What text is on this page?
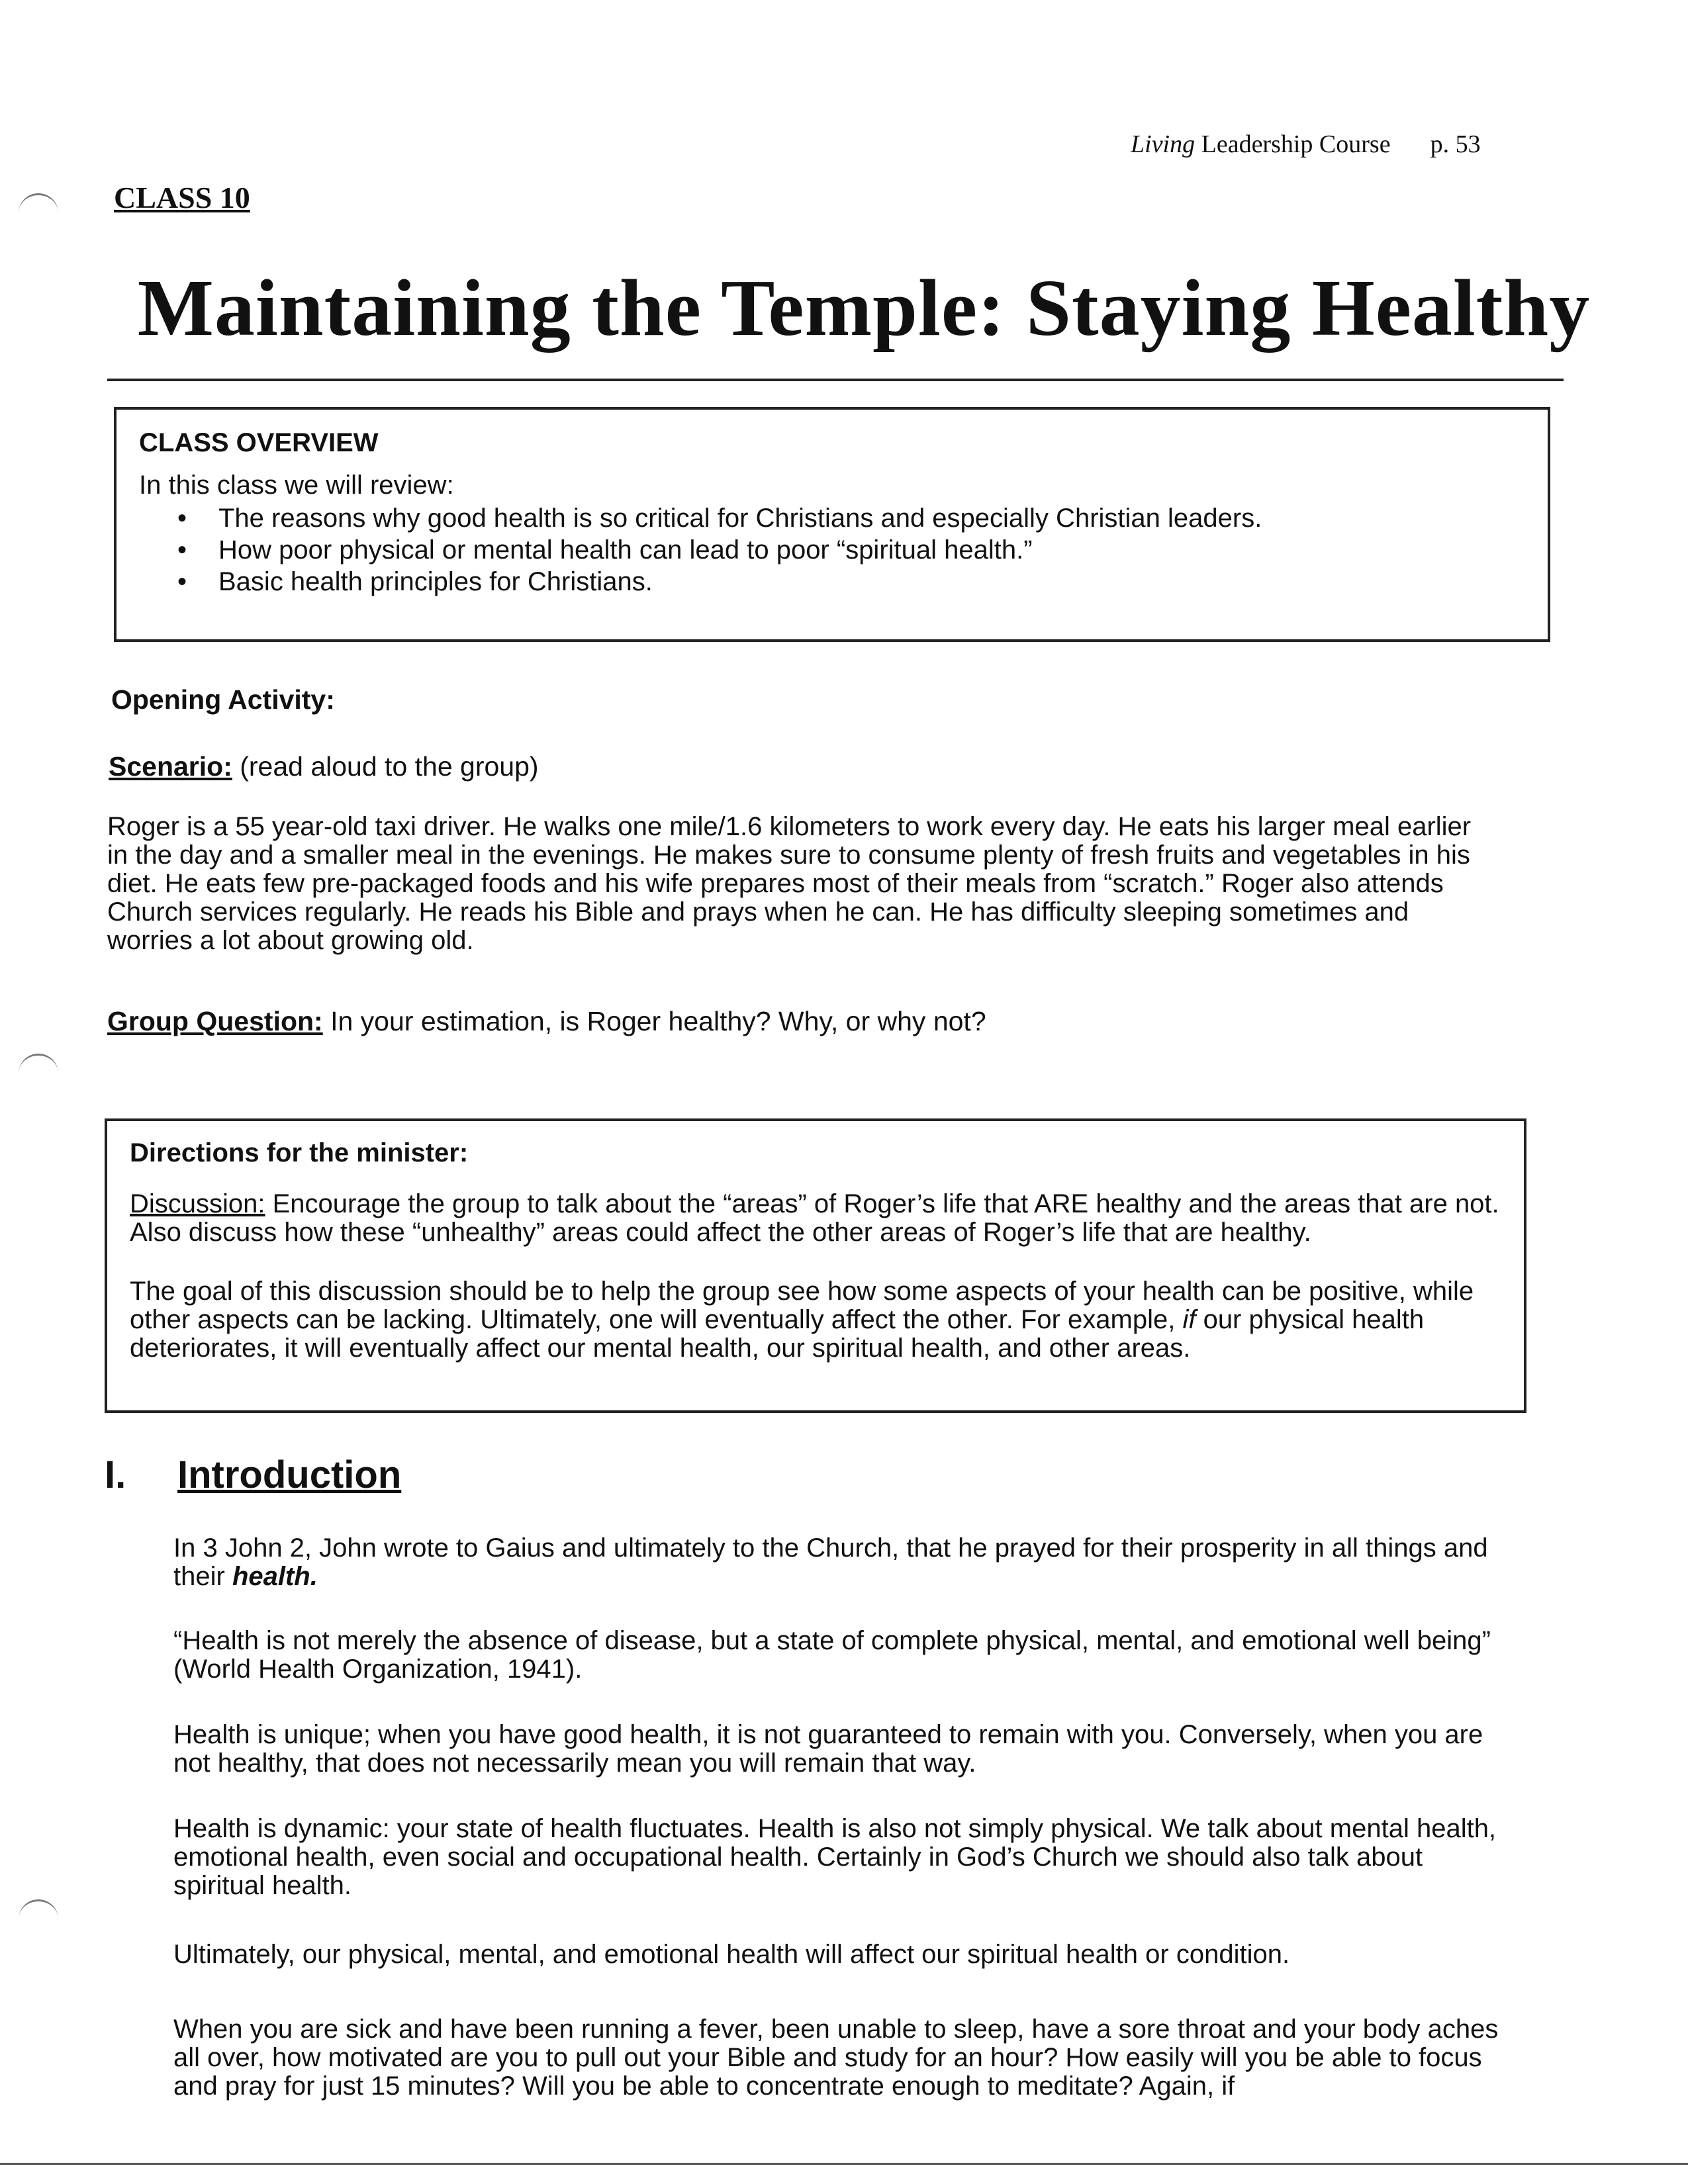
Living Leadership Course p. 53
CLASS 10
Maintaining the Temple: Staying Healthy
CLASS OVERVIEW
In this class we will review:
• The reasons why good health is so critical for Christians and especially Christian leaders.
• How poor physical or mental health can lead to poor “spiritual health.”
• Basic health principles for Christians.
Opening Activity:
Scenario: (read aloud to the group)
Roger is a 55 year-old taxi driver. He walks one mile/1.6 kilometers to work every day. He eats his larger meal earlier in the day and a smaller meal in the evenings. He makes sure to consume plenty of fresh fruits and vegetables in his diet. He eats few pre-packaged foods and his wife prepares most of their meals from “scratch.” Roger also attends Church services regularly. He reads his Bible and prays when he can. He has difficulty sleeping sometimes and worries a lot about growing old.
Group Question: In your estimation, is Roger healthy? Why, or why not?
Directions for the minister:
Discussion: Encourage the group to talk about the “areas” of Roger’s life that ARE healthy and the areas that are not. Also discuss how these “unhealthy” areas could affect the other areas of Roger’s life that are healthy.
The goal of this discussion should be to help the group see how some aspects of your health can be positive, while other aspects can be lacking. Ultimately, one will eventually affect the other. For example, if our physical health deteriorates, it will eventually affect our mental health, our spiritual health, and other areas.
I. Introduction
In 3 John 2, John wrote to Gaius and ultimately to the Church, that he prayed for their prosperity in all things and their health.
“Health is not merely the absence of disease, but a state of complete physical, mental, and emotional well being” (World Health Organization, 1941).
Health is unique; when you have good health, it is not guaranteed to remain with you. Conversely, when you are not healthy, that does not necessarily mean you will remain that way.
Health is dynamic: your state of health fluctuates. Health is also not simply physical. We talk about mental health, emotional health, even social and occupational health. Certainly in God’s Church we should also talk about spiritual health.
Ultimately, our physical, mental, and emotional health will affect our spiritual health or condition.
When you are sick and have been running a fever, been unable to sleep, have a sore throat and your body aches all over, how motivated are you to pull out your Bible and study for an hour? How easily will you be able to focus and pray for just 15 minutes? Will you be able to concentrate enough to meditate? Again, if
